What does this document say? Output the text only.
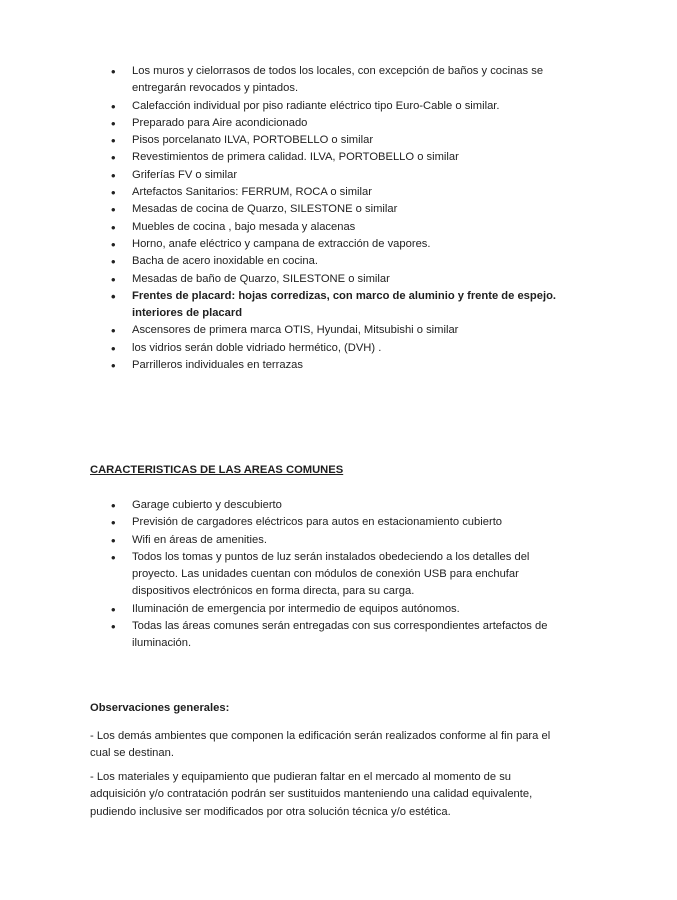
• Los muros y cielorrasos de todos los locales, con excepción de baños y cocinas se entregarán revocados y pintados.
• Calefacción individual por piso radiante eléctrico tipo Euro-Cable o similar.
• Preparado para Aire acondicionado
• Pisos porcelanato ILVA, PORTOBELLO o similar
• Revestimientos de primera calidad. ILVA, PORTOBELLO o similar
• Griferías FV o similar
• Artefactos Sanitarios: FERRUM, ROCA o similar
• Mesadas de cocina de Quarzo, SILESTONE o similar
• Muebles de cocina , bajo mesada y alacenas
• Horno, anafe eléctrico y campana de extracción de vapores.
• Bacha de acero inoxidable en cocina.
• Mesadas de baño de Quarzo, SILESTONE o similar
• Frentes de placard: hojas corredizas, con marco de aluminio y frente de espejo. interiores de placard
• Ascensores de primera marca OTIS, Hyundai, Mitsubishi o similar
• los vidrios serán doble vidriado hermético, (DVH) .
• Parrilleros individuales en terrazas
CARACTERISTICAS DE LAS AREAS COMUNES
• Garage cubierto y descubierto
• Previsión de cargadores eléctricos para autos en estacionamiento cubierto
• Wifi en áreas de amenities.
• Todos los tomas y puntos de luz serán instalados obedeciendo a los detalles del proyecto. Las unidades cuentan con módulos de conexión USB para enchufar dispositivos electrónicos en forma directa, para su carga.
• Iluminación de emergencia por intermedio de equipos autónomos.
• Todas las áreas comunes serán entregadas con sus correspondientes artefactos de iluminación.
Observaciones generales:

- Los demás ambientes que componen la edificación serán realizados conforme al fin para el cual se destinan.

- Los materiales y equipamiento que pudieran faltar en el mercado al momento de su adquisición y/o contratación podrán ser sustituidos manteniendo una calidad equivalente, pudiendo inclusive ser modificados por otra solución técnica y/o estética.
